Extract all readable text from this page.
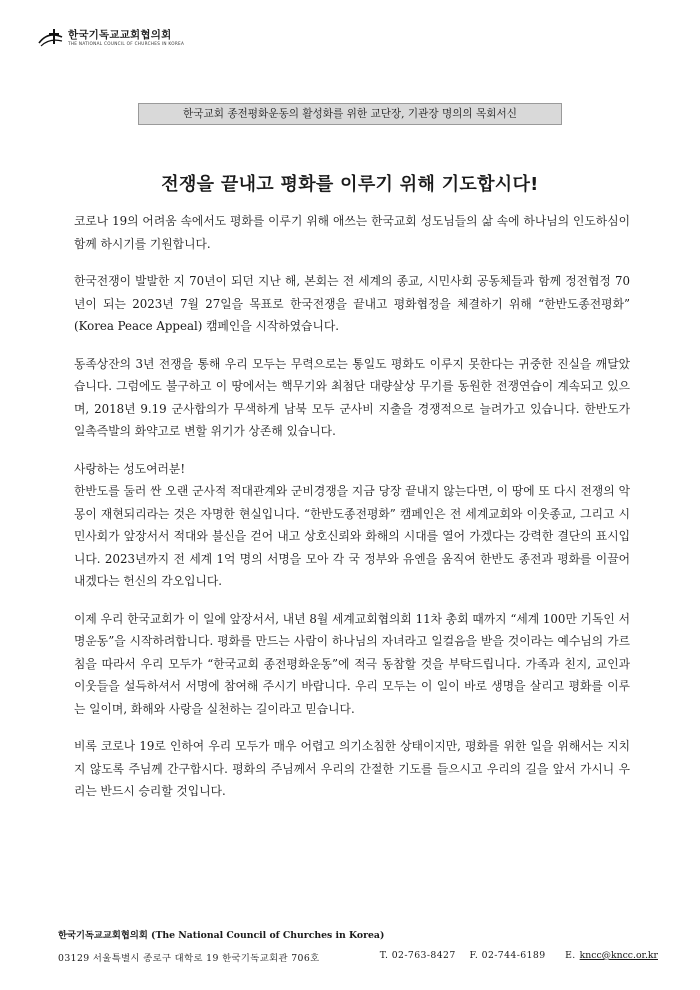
한국기독교교회협의회
THE NATIONAL COUNCIL OF CHURCHES IN KOREA
한국교회 종전평화운동의 활성화를 위한 교단장, 기관장 명의의 목회서신
전쟁을 끝내고 평화를 이루기 위해 기도합시다!

코로나 19의 어려움 속에서도 평화를 이루기 위해 애쓰는 한국교회 성도님들의 삶 속에 하나님의 인도하심이 함께 하시기를 기원합니다.

한국전쟁이 발발한 지 70년이 되던 지난 해, 본회는 전 세계의 종교, 시민사회 공동체들과 함께 정전협정 70년이 되는 2023년 7월 27일을 목표로 한국전쟁을 끝내고 평화협정을 체결하기 위해 “한반도종전평화” (Korea Peace Appeal) 캠페인을 시작하였습니다.

동족상잔의 3년 전쟁을 통해 우리 모두는 무력으로는 통일도 평화도 이루지 못한다는 귀중한 진실을 깨달았습니다. 그럼에도 불구하고 이 땅에서는 핵무기와 최첨단 대량살상 무기를 동원한 전쟁연습이 계속되고 있으며, 2018년 9.19 군사합의가 무색하게 남북 모두 군사비 지출을 경쟁적으로 늘려가고 있습니다. 한반도가 일촉즉발의 화약고로 변할 위기가 상존해 있습니다.

사랑하는 성도여러분!
한반도를 둘러 싼 오랜 군사적 적대관계와 군비경쟁을 지금 당장 끝내지 않는다면, 이 땅에 또 다시 전쟁의 악몽이 재현되리라는 것은 자명한 현실입니다. “한반도종전평화” 캠페인은 전 세계교회와 이웃종교, 그리고 시민사회가 앞장서서 적대와 불신을 걷어 내고 상호신뢰와 화해의 시대를 열어 가겠다는 강력한 결단의 표시입니다. 2023년까지 전 세계 1억 명의 서명을 모아 각 국 정부와 유엔을 움직여 한반도 종전과 평화를 이끌어 내겠다는 헌신의 각오입니다.

이제 우리 한국교회가 이 일에 앞장서서, 내년 8월 세계교회협의회 11차 총회 때까지 “세계 100만 기독인 서명운동”을 시작하려합니다. 평화를 만드는 사람이 하나님의 자녀라고 일컬음을 받을 것이라는 예수님의 가르침을 따라서 우리 모두가 “한국교회 종전평화운동”에 적극 동참할 것을 부탁드립니다. 가족과 친지, 교인과 이웃들을 설득하셔서 서명에 참여해 주시기 바랍니다. 우리 모두는 이 일이 바로 생명을 살리고 평화를 이루는 일이며, 화해와 사랑을 실천하는 길이라고 믿습니다.

비록 코로나 19로 인하여 우리 모두가 매우 어렵고 의기소침한 상태이지만, 평화를 위한 일을 위해서는 지치지 않도록 주님께 간구합시다. 평화의 주님께서 우리의 간절한 기도를 들으시고 우리의 길을 앞서 가시니 우리는 반드시 승리할 것입니다.

한국기독교교회협의회 (The National Council of Churches in Korea)
03129 서울특별시 종로구 대학로 19 한국기독교회관 706호	T. 02-763-8427	F. 02-744-6189	E. kncc@kncc.or.kr
